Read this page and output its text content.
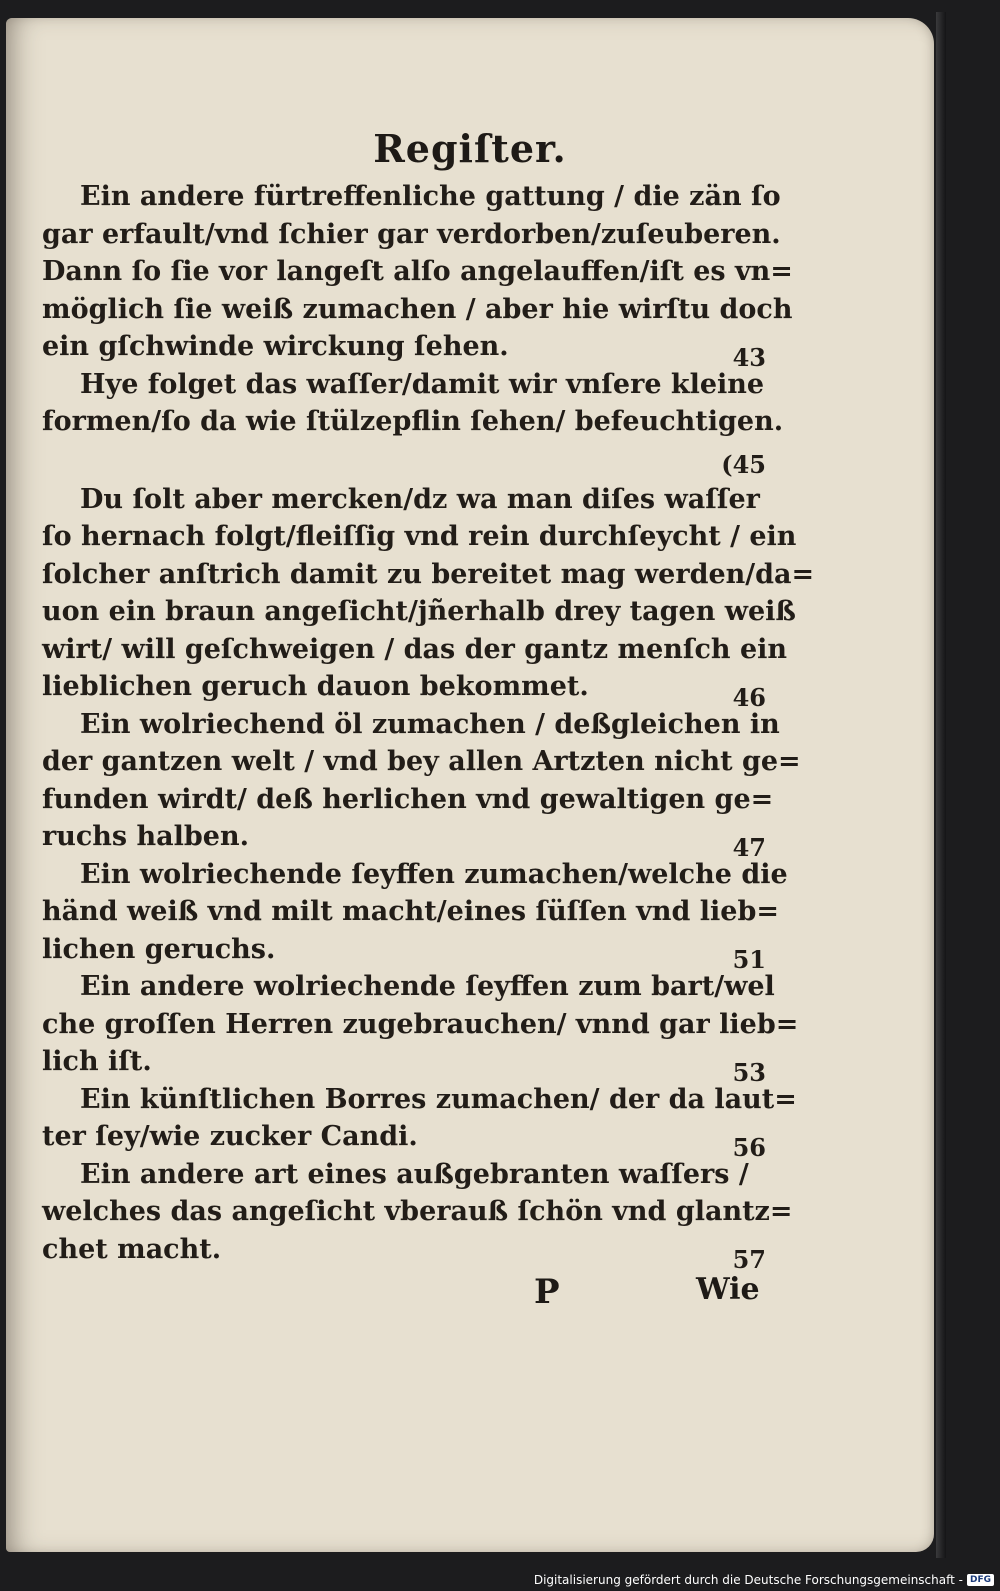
Regiſter.

Ein andere fürtreffenliche gattung / die zän ſo

gar erfault/vnd ſchier gar verdorben/zuſeuberen.

Dann ſo ſie vor langeſt alſo angelauffen/iſt es vn=

möglich ſie weiß zumachen / aber hie wirſtu doch

ein gſchwinde wirckung ſehen.	43

Hye folget das waſſer/damit wir vnſere kleine

formen/ſo da wie ſtülzepflin ſehen/ befeuchtigen.

(45

Du ſolt aber mercken/dz wa man diſes waſſer

ſo hernach folgt/fleiſſig vnd rein durchſeycht / ein

ſolcher anſtrich damit zu bereitet mag werden/da=

uon ein braun angeſicht/jñerhalb drey tagen weiß

wirt/ will geſchweigen / das der gantz menſch ein

lieblichen geruch dauon bekommet.	46

Ein wolriechend öl zumachen / deßgleichen in

der gantzen welt / vnd bey allen Artzten nicht ge=

funden wirdt/ deß herlichen vnd gewaltigen ge=

ruchs halben.	47

Ein wolriechende ſeyffen zumachen/welche die

händ weiß vnd milt macht/eines ſüſſen vnd lieb=

lichen geruchs.	51

Ein andere wolriechende ſeyffen zum bart/wel

che groſſen Herren zugebrauchen/ vnnd gar lieb=

lich iſt.	53

Ein künſtlichen Borres zumachen/ der da laut=

ter ſey/wie zucker Candi.	56

Ein andere art eines außgebranten waſſers /

welches das angeſicht vberauß ſchön vnd glantz=

chet macht.	57
P	Wie
Digitalisierung gefördert durch die Deutsche Forschungsgemeinschaft - DFG
